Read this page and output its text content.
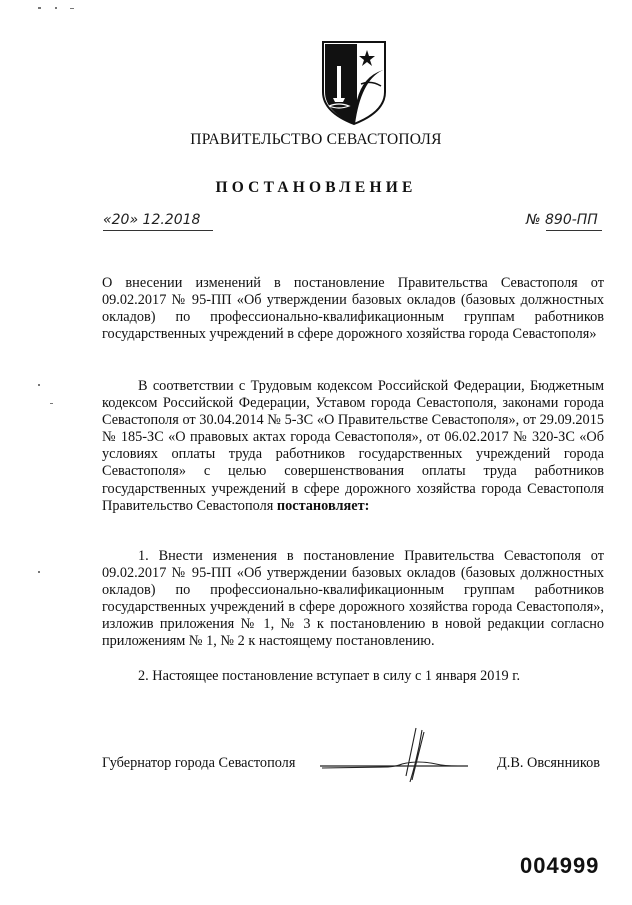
ПРАВИТЕЛЬСТВО СЕВАСТОПОЛЯ
ПОСТАНОВЛЕНИЕ
«20» 12.2018	№ 890-ПП
О внесении изменений в постановление Правительства Севастополя от 09.02.2017 № 95-ПП «Об утверждении базовых окладов (базовых должностных окладов) по профессионально-квалификационным группам работников государственных учреждений в сфере дорожного хозяйства города Севастополя»
В соответствии с Трудовым кодексом Российской Федерации, Бюджетным кодексом Российской Федерации, Уставом города Севастополя, законами города Севастополя от 30.04.2014 № 5-ЗС «О Правительстве Севастополя», от 29.09.2015 № 185-ЗС «О правовых актах города Севастополя», от 06.02.2017 № 320-ЗС «Об условиях оплаты труда работников государственных учреждений города Севастополя» с целью совершенствования оплаты труда работников государственных учреждений в сфере дорожного хозяйства города Севастополя Правительство Севастополя постановляет:
1. Внести изменения в постановление Правительства Севастополя от 09.02.2017 № 95-ПП «Об утверждении базовых окладов (базовых должностных окладов) по профессионально-квалификационным группам работников государственных учреждений в сфере дорожного хозяйства города Севастополя», изложив приложения № 1, № 3 к постановлению в новой редакции согласно приложениям № 1, № 2 к настоящему постановлению.
2. Настоящее постановление вступает в силу с 1 января 2019 г.
Губернатор города Севастополя	Д.В. Овсянников
004999
